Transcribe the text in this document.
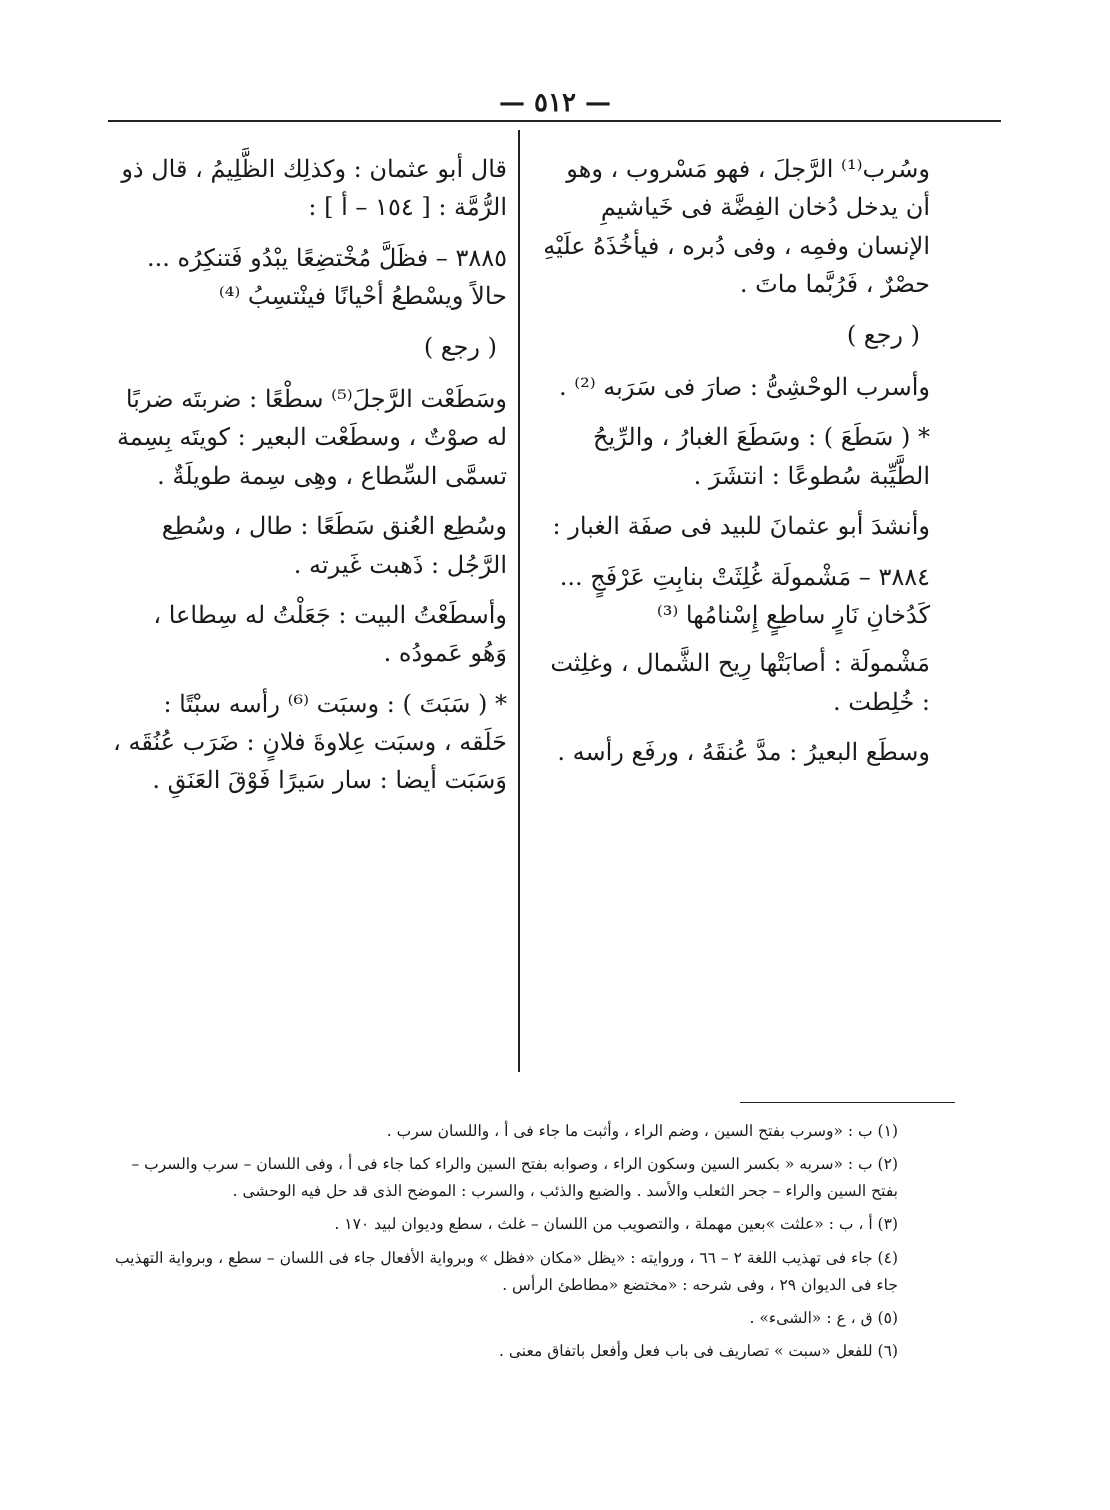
— ٥١٢ —

وسُرب⁽¹⁾ الرَّجلَ ، فهو مَسْروب ، وهو أن يدخل دُخان الفِضَّة فى خَياشيمِ الإنسان وفمِه ، وفى دُبره ، فيأخُذَهُ علَيْهِ حصْرٌ ، فَرُبَّما ماتَ .

( رجع )

وأسرب الوحْشِىُّ : صارَ فى سَرَبه ⁽²⁾ .

* ( سَطَعَ ) : وسَطَعَ الغبارُ ، والرِّيحُ الطَّيِّبة سُطوعًا : انتشَرَ .

وأنشدَ أبو عثمانَ للبيد فى صفَة الغبار :

٣٨٨٤ – مَشْمولَة غُلِثَتْ بنابِتِ عَرْفَجٍ ... كَدُخانِ نَارٍ ساطِعٍ إِسْنامُها ⁽³⁾

مَشْمولَة : أصابَتْها رِيح الشَّمال ، وغلِثت : خُلِطت .

وسطَع البعيرُ : مدَّ عُنقَهُ ، ورفَع رأسه .

قال أبو عثمان : وكذلِك الظَّلِيمُ ، قال ذو الرُّمَّة : [ ١٥٤ – أ ] :

٣٨٨٥ – فظَلَّ مُخْتضِعًا يبْدُو فَتنكِرُه ... حالاً ويسْطعُ أحْيانًا فينْتسِبُ ⁽⁴⁾

( رجع )

وسَطَعْت الرَّجلَ⁽⁵⁾ سطْعًا : ضربتَه ضربًا له صوْتٌ ، وسطَعْت البعير : كويتَه بِسِمة تسمَّى السِّطاع ، وهِى سِمة طويلَةٌ .

وسُطِع العُنق سَطَعًا : طال ، وسُطِع الرَّجُل : ذَهبت غَيرته .

وأسطَعْتُ البيت : جَعَلْتُ له سِطاعا ، وَهُو عَمودُه .

* ( سَبَتَ ) : وسبَت ⁽⁶⁾ رأسه سبْتًا : حَلَقه ، وسبَت عِلاوةَ فلانٍ : ضَرَب عُنُقَه ، وَسَبَت أيضا : سار سَيرًا فَوْقَ العَنَقِ .

(١) ب : «وسرب بفتح السين ، وضم الراء ، وأثبت ما جاء فى أ ، واللسان سرب .

(٢) ب : «سربه « بكسر السين وسكون الراء ، وصوابه بفتح السين والراء كما جاء فى أ ، وفى اللسان – سرب والسرب – بفتح السين والراء – جحر الثعلب والأسد . والضبع والذئب ، والسرب : الموضح الذى قد حل فيه الوحشى .

(٣) أ ، ب : «علثت »بعين مهملة ، والتصويب من اللسان – غلث ، سطع وديوان لبيد ١٧٠ .

(٤) جاء فى تهذيب اللغة ٢ – ٦٦ ، وروايته : «يظل «مكان «فظل » وبرواية الأفعال جاء فى اللسان – سطع ، وبرواية التهذيب جاء فى الديوان ٢٩ ، وفى شرحه : «مختضع «مطاطئ الرأس .

(٥) ق ، ع : «الشىء» .

(٦) للفعل «سبت » تصاريف فى باب فعل وأفعل باتفاق معنى .
